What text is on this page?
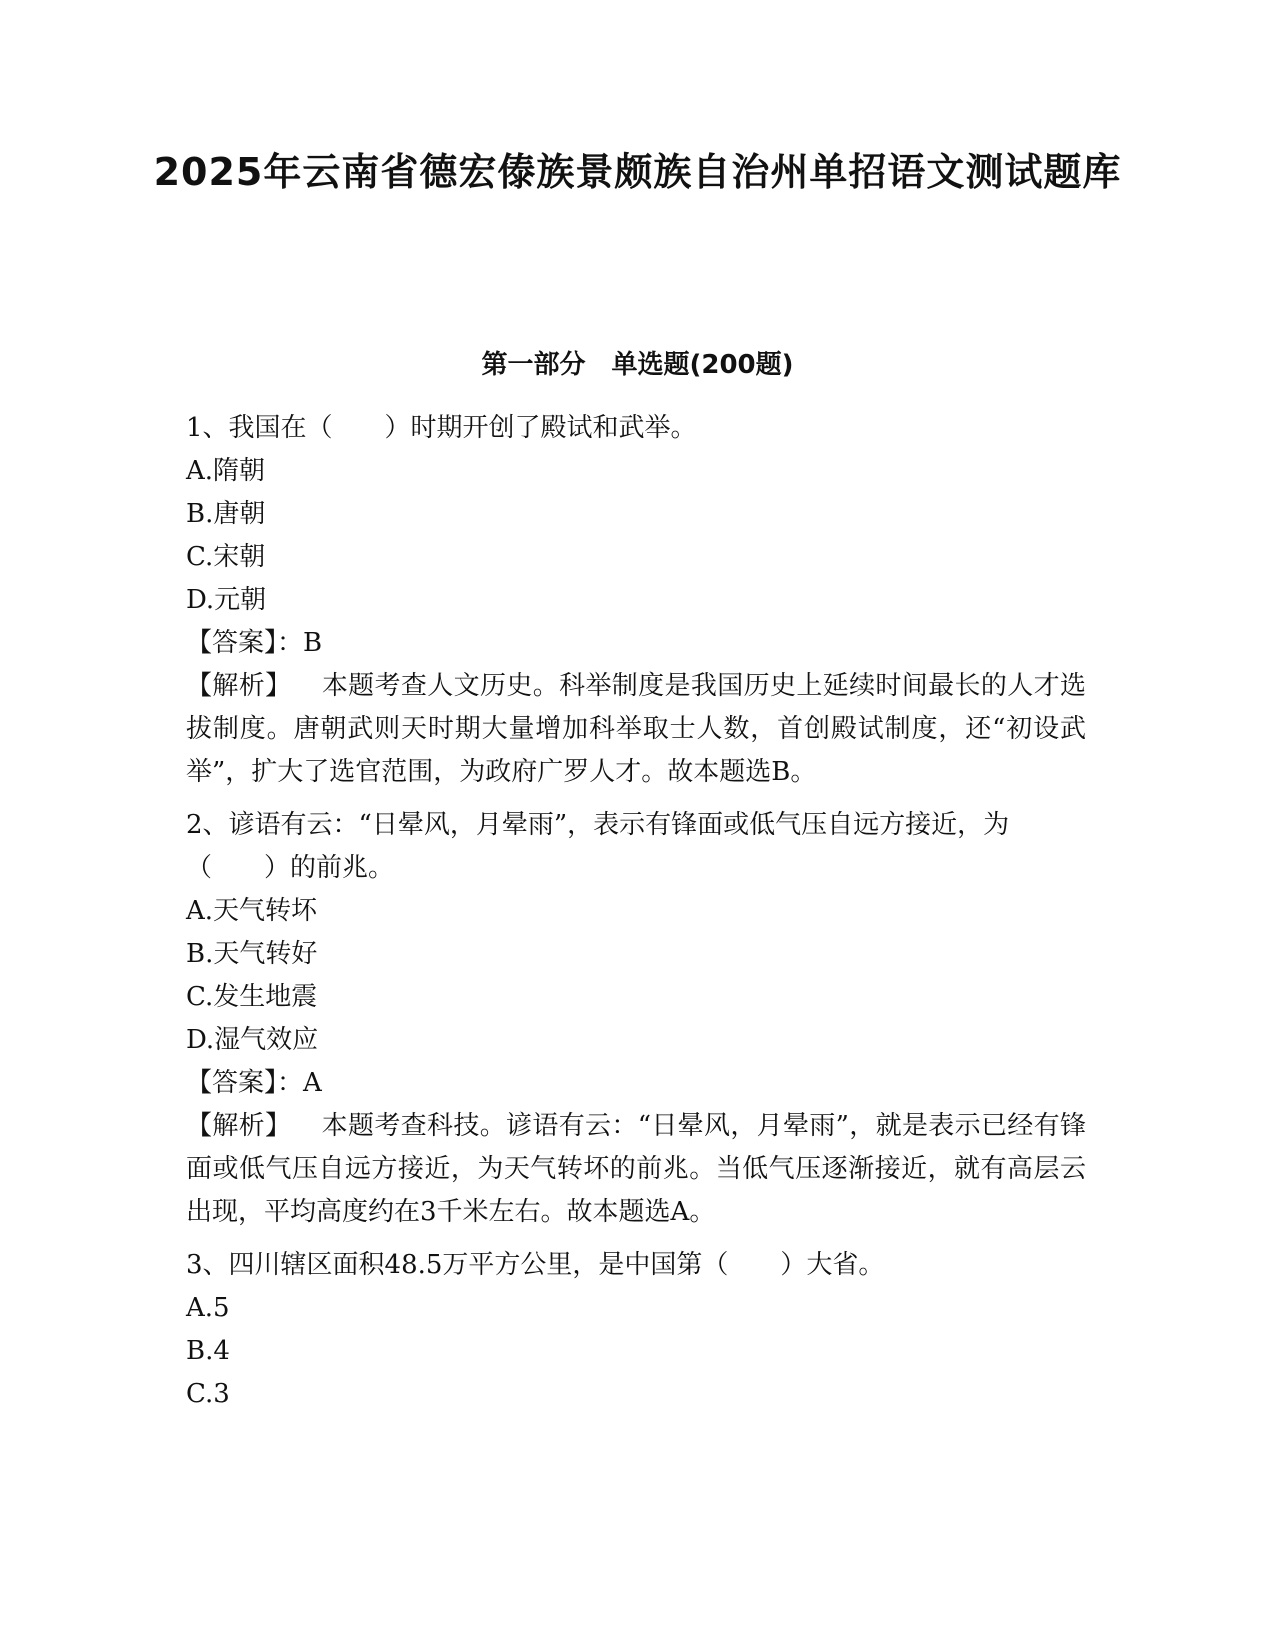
2025年云南省德宏傣族景颇族自治州单招语文测试题库
第一部分　单选题(200题)

1、我国在（　　）时期开创了殿试和武举。

A.隋朝

B.唐朝

C.宋朝

D.元朝

【答案】：B

【解析】 本题考查人文历史。科举制度是我国历史上延续时间最长的人才选拔制度。唐朝武则天时期大量增加科举取士人数，首创殿试制度，还“初设武举”，扩大了选官范围，为政府广罗人才。故本题选B。

2、谚语有云：“日晕风，月晕雨”，表示有锋面或低气压自远方接近，为（　　）的前兆。

A.天气转坏

B.天气转好

C.发生地震

D.湿气效应

【答案】：A

【解析】 本题考查科技。谚语有云：“日晕风，月晕雨”，就是表示已经有锋面或低气压自远方接近，为天气转坏的前兆。当低气压逐渐接近，就有高层云出现，平均高度约在3千米左右。故本题选A。

3、四川辖区面积48.5万平方公里，是中国第（　　）大省。

A.5

B.4

C.3
